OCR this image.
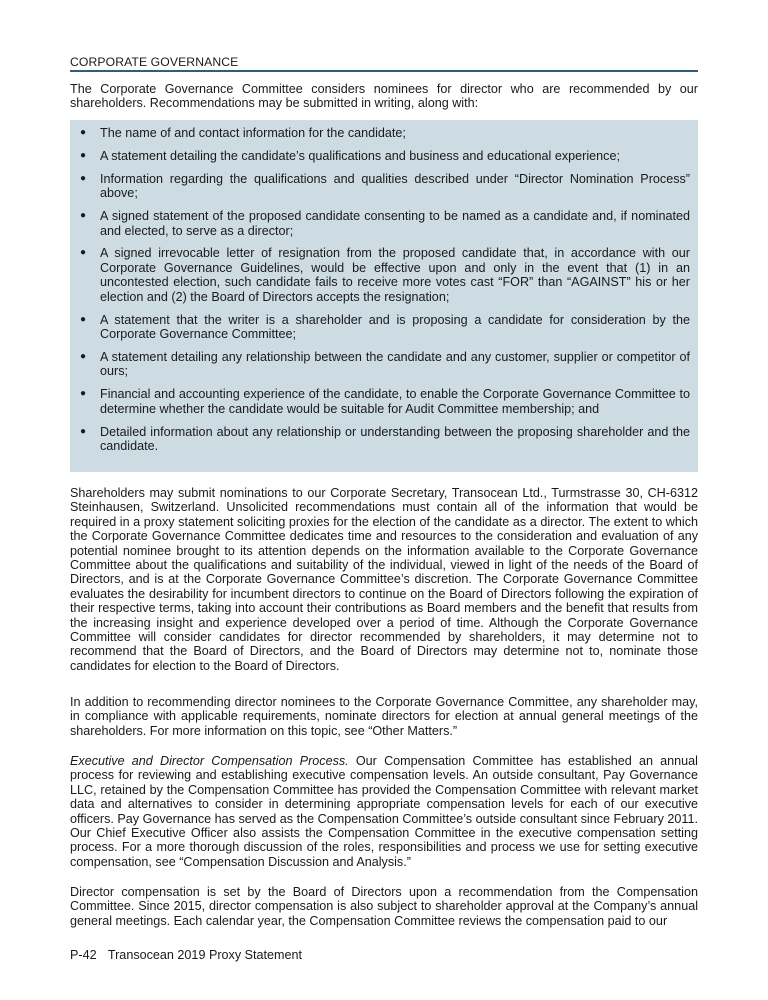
CORPORATE GOVERNANCE

The Corporate Governance Committee considers nominees for director who are recommended by our shareholders. Recommendations may be submitted in writing, along with:

●	The name of and contact information for the candidate;

●	A statement detailing the candidate’s qualifications and business and educational experience;

●	Information regarding the qualifications and qualities described under “Director Nomination Process” above;

●	A signed statement of the proposed candidate consenting to be named as a candidate and, if nominated and elected, to serve as a director;

●	A signed irrevocable letter of resignation from the proposed candidate that, in accordance with our Corporate Governance Guidelines, would be effective upon and only in the event that (1) in an uncontested election, such candidate fails to receive more votes cast “FOR” than “AGAINST” his or her election and (2) the Board of Directors accepts the resignation;

●	A statement that the writer is a shareholder and is proposing a candidate for consideration by the Corporate Governance Committee;

●	A statement detailing any relationship between the candidate and any customer, supplier or competitor of ours;

●	Financial and accounting experience of the candidate, to enable the Corporate Governance Committee to determine whether the candidate would be suitable for Audit Committee membership; and

●	Detailed information about any relationship or understanding between the proposing shareholder and the candidate.

Shareholders may submit nominations to our Corporate Secretary, Transocean Ltd., Turmstrasse 30, CH-6312 Steinhausen, Switzerland. Unsolicited recommendations must contain all of the information that would be required in a proxy statement soliciting proxies for the election of the candidate as a director. The extent to which the Corporate Governance Committee dedicates time and resources to the consideration and evaluation of any potential nominee brought to its attention depends on the information available to the Corporate Governance Committee about the qualifications and suitability of the individual, viewed in light of the needs of the Board of Directors, and is at the Corporate Governance Committee’s discretion. The Corporate Governance Committee evaluates the desirability for incumbent directors to continue on the Board of Directors following the expiration of their respective terms, taking into account their contributions as Board members and the benefit that results from the increasing insight and experience developed over a period of time. Although the Corporate Governance Committee will consider candidates for director recommended by shareholders, it may determine not to recommend that the Board of Directors, and the Board of Directors may determine not to, nominate those candidates for election to the Board of Directors.

In addition to recommending director nominees to the Corporate Governance Committee, any shareholder may, in compliance with applicable requirements, nominate directors for election at annual general meetings of the shareholders. For more information on this topic, see “Other Matters.”

Executive and Director Compensation Process. Our Compensation Committee has established an annual process for reviewing and establishing executive compensation levels. An outside consultant, Pay Governance LLC, retained by the Compensation Committee has provided the Compensation Committee with relevant market data and alternatives to consider in determining appropriate compensation levels for each of our executive officers. Pay Governance has served as the Compensation Committee’s outside consultant since February 2011. Our Chief Executive Officer also assists the Compensation Committee in the executive compensation setting process. For a more thorough discussion of the roles, responsibilities and process we use for setting executive compensation, see “Compensation Discussion and Analysis.”

Director compensation is set by the Board of Directors upon a recommendation from the Compensation Committee. Since 2015, director compensation is also subject to shareholder approval at the Company’s annual general meetings. Each calendar year, the Compensation Committee reviews the compensation paid to our

P-42 Transocean 2019 Proxy Statement
